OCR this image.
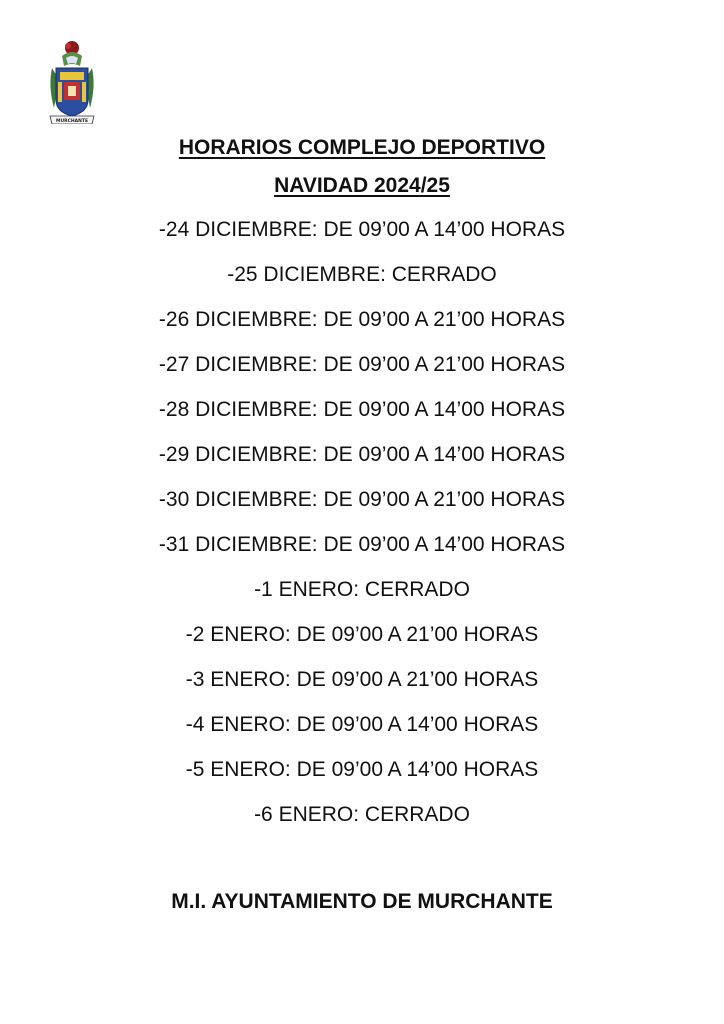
MURCHANTE

HORARIOS COMPLEJO DEPORTIVO

NAVIDAD 2024/25

-24 DICIEMBRE: DE 09’00 A 14’00 HORAS
-25 DICIEMBRE: CERRADO
-26 DICIEMBRE: DE 09’00 A 21’00 HORAS
-27 DICIEMBRE: DE 09’00 A 21’00 HORAS
-28 DICIEMBRE: DE 09’00 A 14’00 HORAS
-29 DICIEMBRE: DE 09’00 A 14’00 HORAS
-30 DICIEMBRE: DE 09’00 A 21’00 HORAS
-31 DICIEMBRE: DE 09’00 A 14’00 HORAS
-1 ENERO: CERRADO
-2 ENERO: DE 09’00 A 21’00 HORAS
-3 ENERO: DE 09’00 A 21’00 HORAS
-4 ENERO: DE 09’00 A 14’00 HORAS
-5 ENERO: DE 09’00 A 14’00 HORAS
-6 ENERO: CERRADO
M.I. AYUNTAMIENTO DE MURCHANTE
